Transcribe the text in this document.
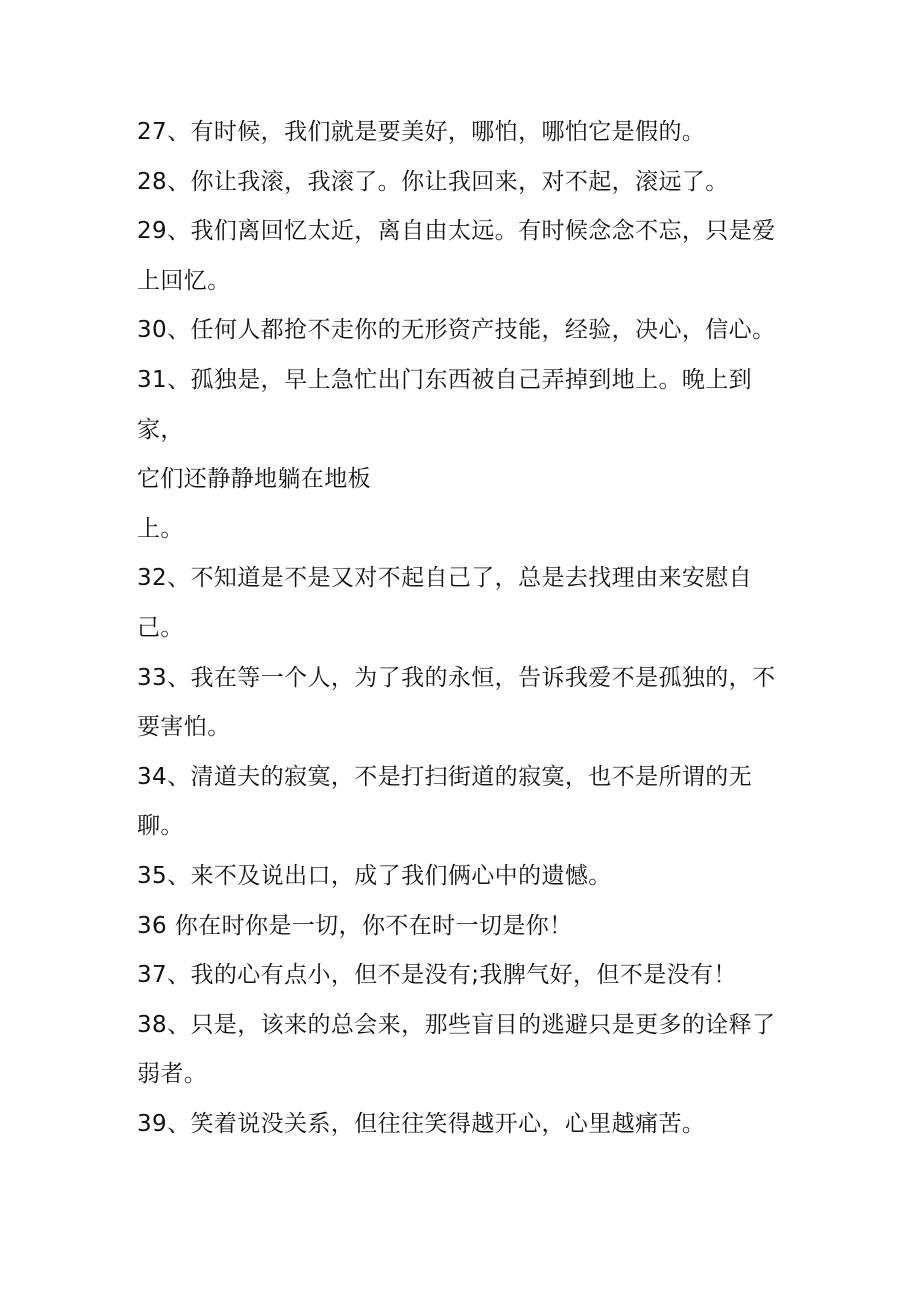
27、有时候，我们就是要美好，哪怕，哪怕它是假的。
28、你让我滚，我滚了。你让我回来，对不起，滚远了。
29、我们离回忆太近，离自由太远。有时候念念不忘，只是爱
上回忆。
30、任何人都抢不走你的无形资产技能，经验，决心，信心。
31、孤独是，早上急忙出门东西被自己弄掉到地上。晚上到
家，
它们还静静地躺在地板
上。
32、不知道是不是又对不起自己了，总是去找理由来安慰自
己。
33、我在等一个人，为了我的永恒，告诉我爱不是孤独的，不
要害怕。
34、清道夫的寂寞，不是打扫街道的寂寞，也不是所谓的无
聊。
35、来不及说出口，成了我们俩心中的遗憾。
36 你在时你是一切，你不在时一切是你！
37、我的心有点小，但不是没有;我脾气好，但不是没有！
38、只是，该来的总会来，那些盲目的逃避只是更多的诠释了
弱者。
39、笑着说没关系，但往往笑得越开心，心里越痛苦。
